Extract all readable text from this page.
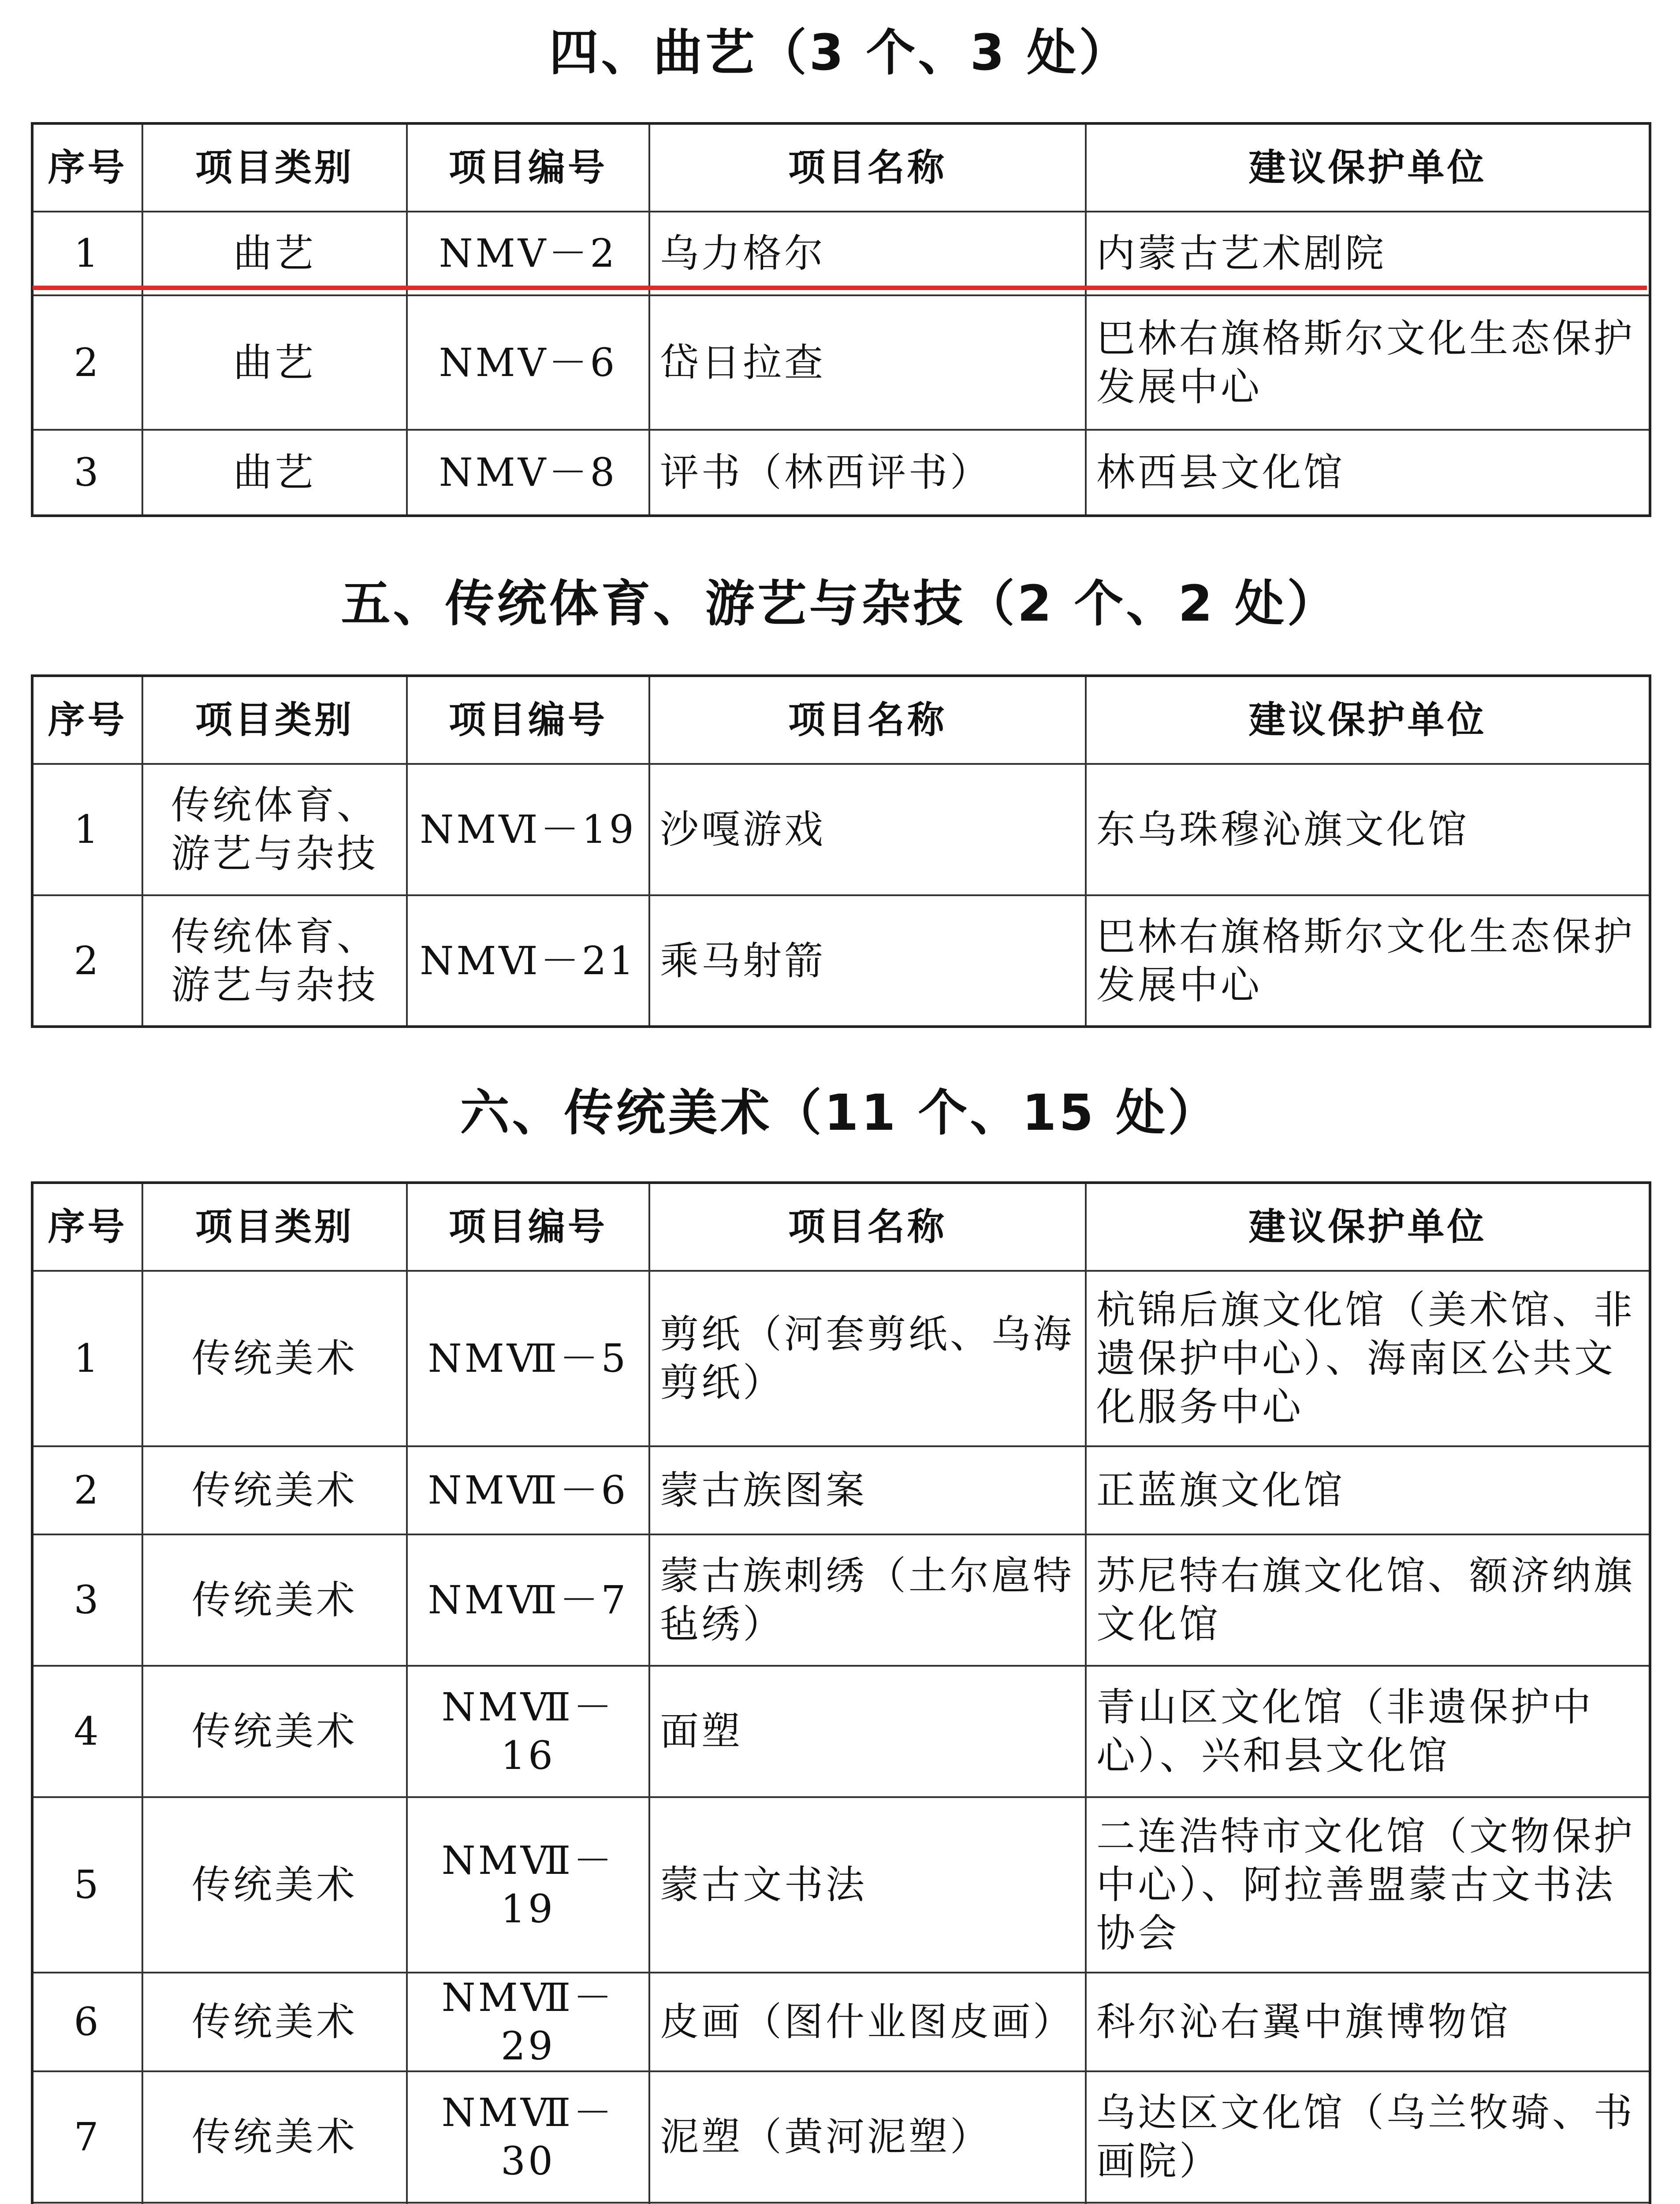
四、曲艺（3 个、3 处）
序号	项目类别	项目编号	项目名称	建议保护单位
1	曲艺	NMⅤ－2	乌力格尔	内蒙古艺术剧院
2	曲艺	NMⅤ－6	岱日拉查	巴林右旗格斯尔文化生态保护发展中心
3	曲艺	NMⅤ－8	评书（林西评书）	林西县文化馆
五、传统体育、游艺与杂技（2 个、2 处）
序号	项目类别	项目编号	项目名称	建议保护单位
1	传统体育、游艺与杂技	NMⅥ－19	沙嘎游戏	东乌珠穆沁旗文化馆
2	传统体育、游艺与杂技	NMⅥ－21	乘马射箭	巴林右旗格斯尔文化生态保护发展中心
六、传统美术（11 个、15 处）
序号	项目类别	项目编号	项目名称	建议保护单位
1	传统美术	NMⅦ－5	剪纸（河套剪纸、乌海剪纸）	杭锦后旗文化馆（美术馆、非遗保护中心）、海南区公共文化服务中心
2	传统美术	NMⅦ－6	蒙古族图案	正蓝旗文化馆
3	传统美术	NMⅦ－7	蒙古族刺绣（土尔扈特毡绣）	苏尼特右旗文化馆、额济纳旗文化馆
4	传统美术	NMⅦ－16	面塑	青山区文化馆（非遗保护中心）、兴和县文化馆
5	传统美术	NMⅦ－19	蒙古文书法	二连浩特市文化馆（文物保护中心）、阿拉善盟蒙古文书法协会
6	传统美术	NMⅦ－29	皮画（图什业图皮画）	科尔沁右翼中旗博物馆
7	传统美术	NMⅦ－30	泥塑（黄河泥塑）	乌达区文化馆（乌兰牧骑、书画院）
